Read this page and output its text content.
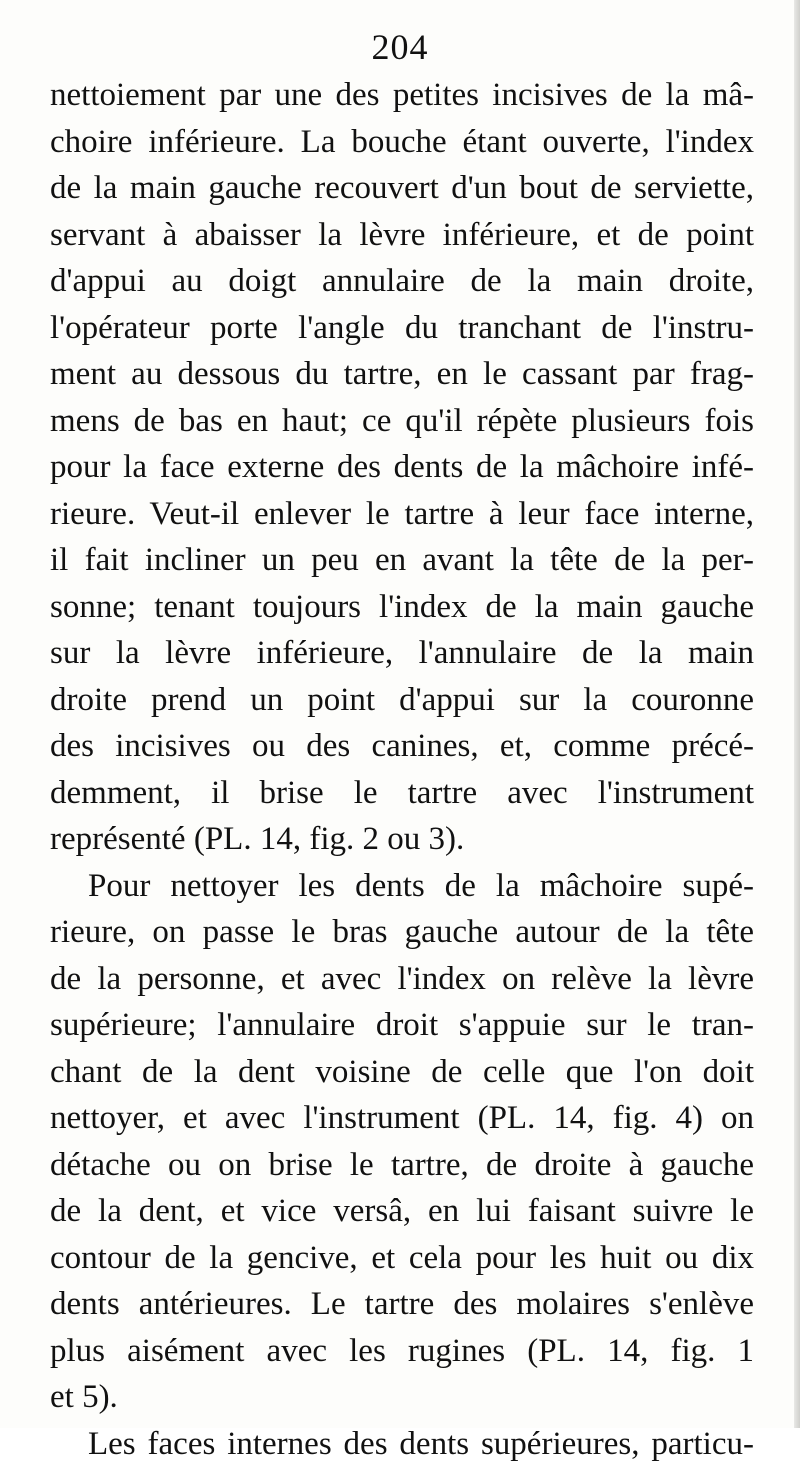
204
nettoiement par une des petites incisives de la mâ-
choire inférieure. La bouche étant ouverte, l'index
de la main gauche recouvert d'un bout de serviette,
servant à abaisser la lèvre inférieure, et de point
d'appui au doigt annulaire de la main droite,
l'opérateur porte l'angle du tranchant de l'instru-
ment au dessous du tartre, en le cassant par frag-
mens de bas en haut; ce qu'il répète plusieurs fois
pour la face externe des dents de la mâchoire infé-
rieure. Veut-il enlever le tartre à leur face interne,
il fait incliner un peu en avant la tête de la per-
sonne; tenant toujours l'index de la main gauche
sur la lèvre inférieure, l'annulaire de la main
droite prend un point d'appui sur la couronne
des incisives ou des canines, et, comme précé-
demment, il brise le tartre avec l'instrument
représenté (PL. 14, fig. 2 ou 3).
Pour nettoyer les dents de la mâchoire supé-
rieure, on passe le bras gauche autour de la tête
de la personne, et avec l'index on relève la lèvre
supérieure; l'annulaire droit s'appuie sur le tran-
chant de la dent voisine de celle que l'on doit
nettoyer, et avec l'instrument (PL. 14, fig. 4) on
détache ou on brise le tartre, de droite à gauche
de la dent, et vice versâ, en lui faisant suivre le
contour de la gencive, et cela pour les huit ou dix
dents antérieures. Le tartre des molaires s'enlève
plus aisément avec les rugines (PL. 14, fig. 1
et 5).
Les faces internes des dents supérieures, particu-
